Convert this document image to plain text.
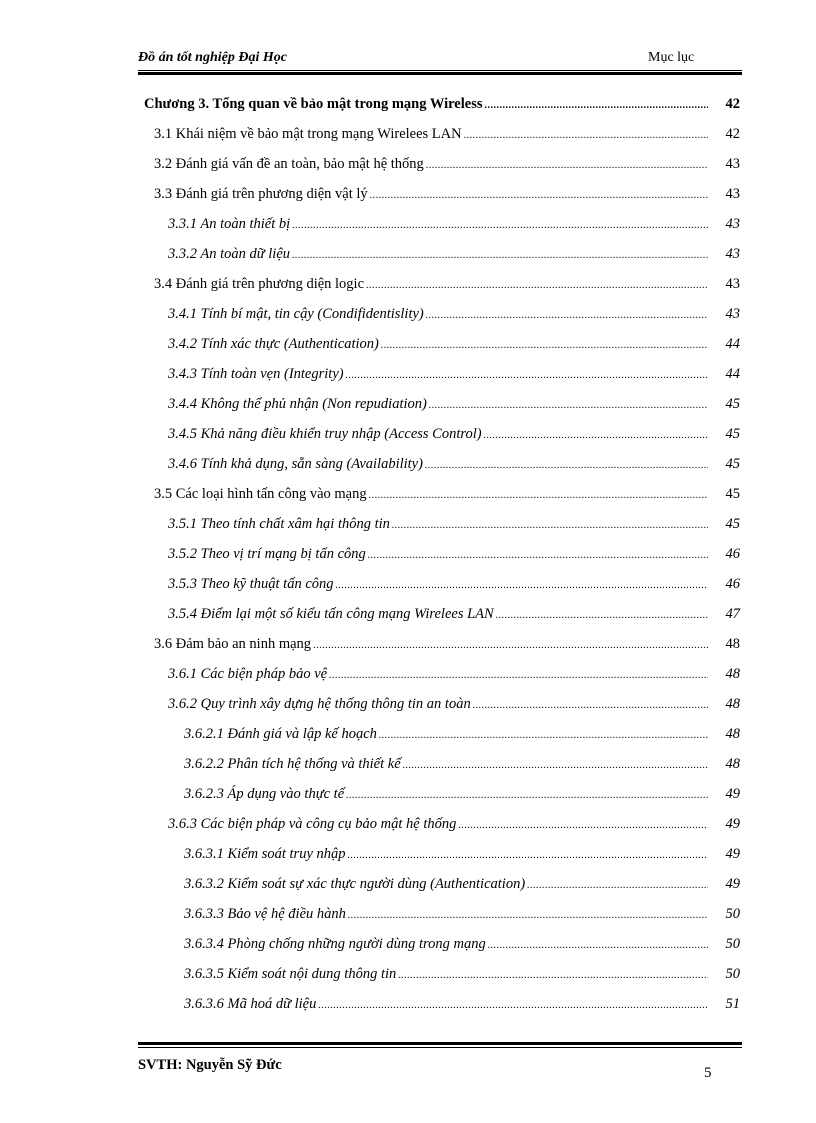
Đồ án tốt nghiệp Đại Học	Mục lục
Chương 3. Tổng quan về bảo mật trong mạng Wireless .....	42
3.1 Khái niệm về bảo mật trong mạng Wirelees LAN .....	42
3.2 Đánh giá vấn đề an toàn, bảo mật hệ thống .....	43
3.3 Đánh giá trên phương diện vật lý .....	43
3.3.1 An toàn thiết bị .....	43
3.3.2 An toàn dữ liệu .....	43
3.4 Đánh giá trên phương diện logic .....	43
3.4.1 Tính bí mật, tin cậy (Condifidentislity) .....	43
3.4.2 Tính xác thực (Authentication) .....	44
3.4.3 Tính toàn vẹn (Integrity) .....	44
3.4.4 Không thể phủ nhận (Non repudiation) .....	45
3.4.5 Khả năng điều khiển truy nhập (Access Control) .....	45
3.4.6 Tính khả dụng, sẵn sàng (Availability) .....	45
3.5 Các loại hình tấn công vào mạng .....	45
3.5.1 Theo tính chất xâm hại thông tin .....	45
3.5.2 Theo vị trí mạng bị tấn công .....	46
3.5.3 Theo kỹ thuật tấn công .....	46
3.5.4 Điểm lại một số kiểu tấn công mạng Wirelees LAN .....	47
3.6 Đảm bảo an ninh mạng .....	48
3.6.1 Các biện pháp bảo vệ .....	48
3.6.2 Quy trình xây dựng hệ thống thông tin an toàn .....	48
3.6.2.1 Đánh giá và lập kế hoạch .....	48
3.6.2.2 Phân tích hệ thống và thiết kế .....	48
3.6.2.3 Áp dụng vào thực tế .....	49
3.6.3 Các biện pháp và công cụ bảo mật hệ thống .....	49
3.6.3.1 Kiểm soát truy nhập .....	49
3.6.3.2 Kiểm soát sự xác thực người dùng (Authentication) .....	49
3.6.3.3 Bảo vệ hệ điều hành .....	50
3.6.3.4 Phòng chống những người dùng trong mạng .....	50
3.6.3.5 Kiểm soát nội dung thông tin .....	50
3.6.3.6 Mã hoá dữ liệu .....	51
SVTH: Nguyễn Sỹ Đức	5
